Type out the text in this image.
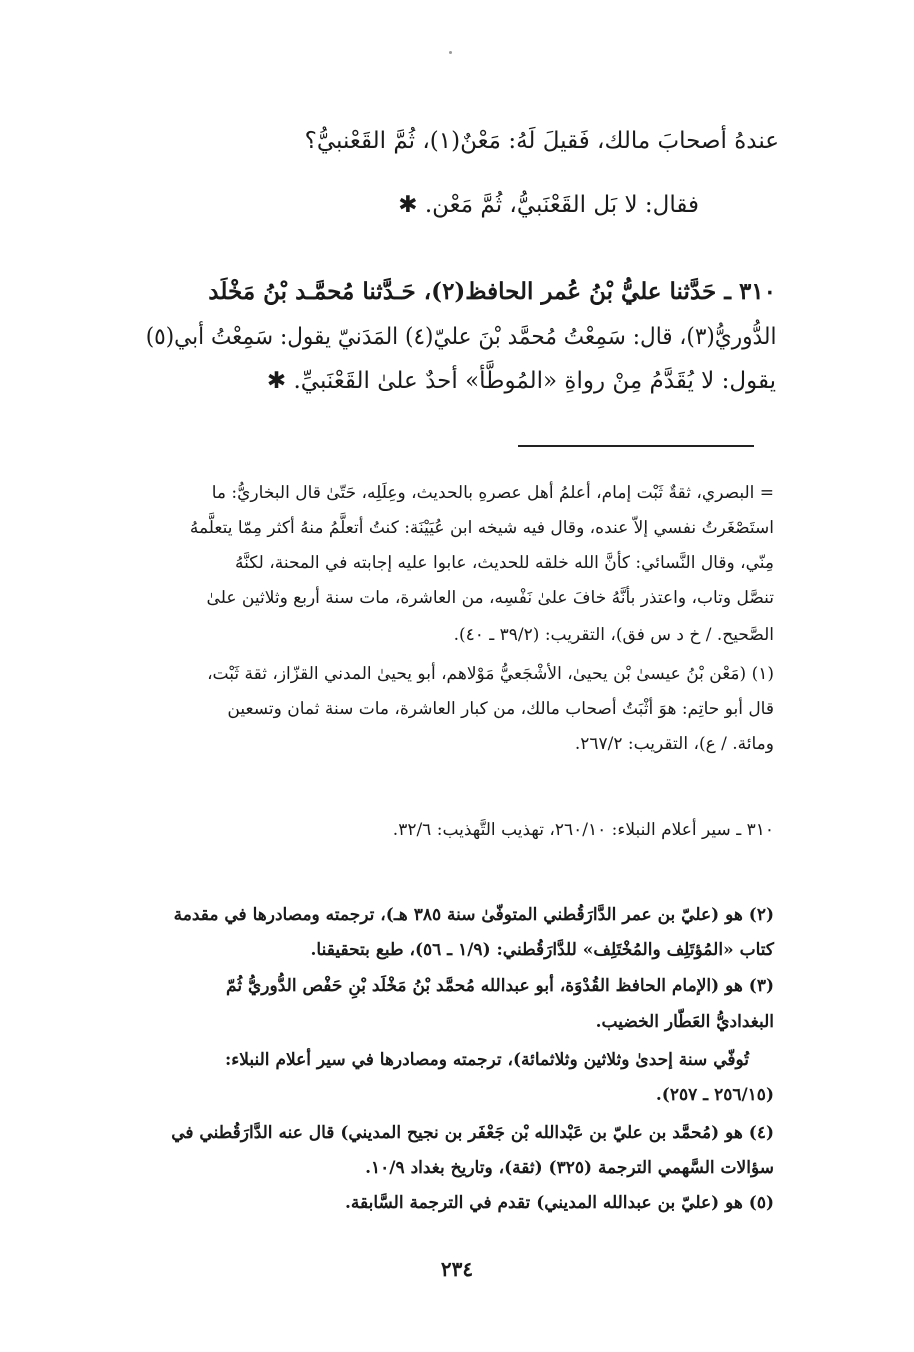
عندهُ أصحابَ مالك، فَقيلَ لَهُ: مَعْنٌ(١)، ثُمَّ القَعْنبيُّ؟
فقال: لا بَل القَعْنَبيُّ، ثُمَّ مَعْن. ✱
٣١٠ ـ حَدَّثنا عليُّ بْنُ عُمر الحافظ(٢)، حَـدَّثنا مُحمَّـد بْنُ مَخْلَد
الدُّوريُّ(٣)، قال: سَمِعْتُ مُحمَّد بْنَ عليّ(٤) المَدَنيّ يقول: سَمِعْتُ أبي(٥)
يقول: لا يُقَدَّمُ مِنْ رواةِ «المُوطَّأ» أحدٌ علىٰ القَعْنَبيِّ. ✱
= البصري، ثقةٌ ثَبْت إمام، أعلمُ أهل عصرهِ بالحديث، وعِلَلِه، حَتّىٰ قال البخاريُّ: ما
استَصْغَرتُ نفسي إلاّ عنده، وقال فيه شيخه ابن عُيَيْنَة: كنتُ أتعلَّمُ منهُ أكثر مِمّا يتعلَّمهُ
مِنّي، وقال النَّسائي: كأنَّ الله خلقه للحديث، عابوا عليه إجابته في المحنة، لكنَّهُ
تنصَّل وتاب، واعتذر بأنَّهُ خافَ علىٰ نَفْسِه، من العاشرة، مات سنة أربع وثلاثين علىٰ
الصَّحيح. / خ د س فق)، التقريب: (٣٩/٢ ـ ٤٠).
(١) (مَعْن بْنُ عيسىٰ بْن يحيىٰ، الأشْجَعيُّ مَوْلاهم، أبو يحيىٰ المدني القزّاز، ثقة ثَبْت،
قال أبو حاتِم: هوَ أثْبَتُ أصحاب مالك، من كبار العاشرة، مات سنة ثمان وتسعين
ومائة. / ع)، التقريب: ٢٦٧/٢.
٣١٠ ـ سير أعلام النبلاء: ٢٦٠/١٠، تهذيب التَّهذيب: ٣٢/٦.
(٢) هو (عليّ بن عمر الدَّارَقُطني المتوفّىٰ سنة ٣٨٥ هـ)، ترجمته ومصادرها في مقدمة
كتاب «المُؤتَلِف والمُخْتَلِف» للدَّارَقُطني: (١/٩ ـ ٥٦)، طبع بتحقيقنا.
(٣) هو (الإمام الحافظ القُدْوَة، أبو عبدالله مُحمَّد بْنُ مَخْلَد بْنِ حَفْص الدُّوريُّ ثُمّ
البغداديُّ العَطّار الخضيب.
تُوفّي سنة إحدىٰ وثلاثين وثلاثمائة)، ترجمته ومصادرها في سير أعلام النبلاء:
(٢٥٦/١٥ ـ ٢٥٧).
(٤) هو (مُحمَّد بن عليّ بن عَبْدالله بْن جَعْفَر بن نجيح المديني) قال عنه الدَّارَقُطني في
سؤالات السَّهمي الترجمة (٣٢٥) (ثقة)، وتاريخ بغداد ١٠/٩.
(٥) هو (عليّ بن عبدالله المديني) تقدم في الترجمة السَّابقة.
٢٣٤
